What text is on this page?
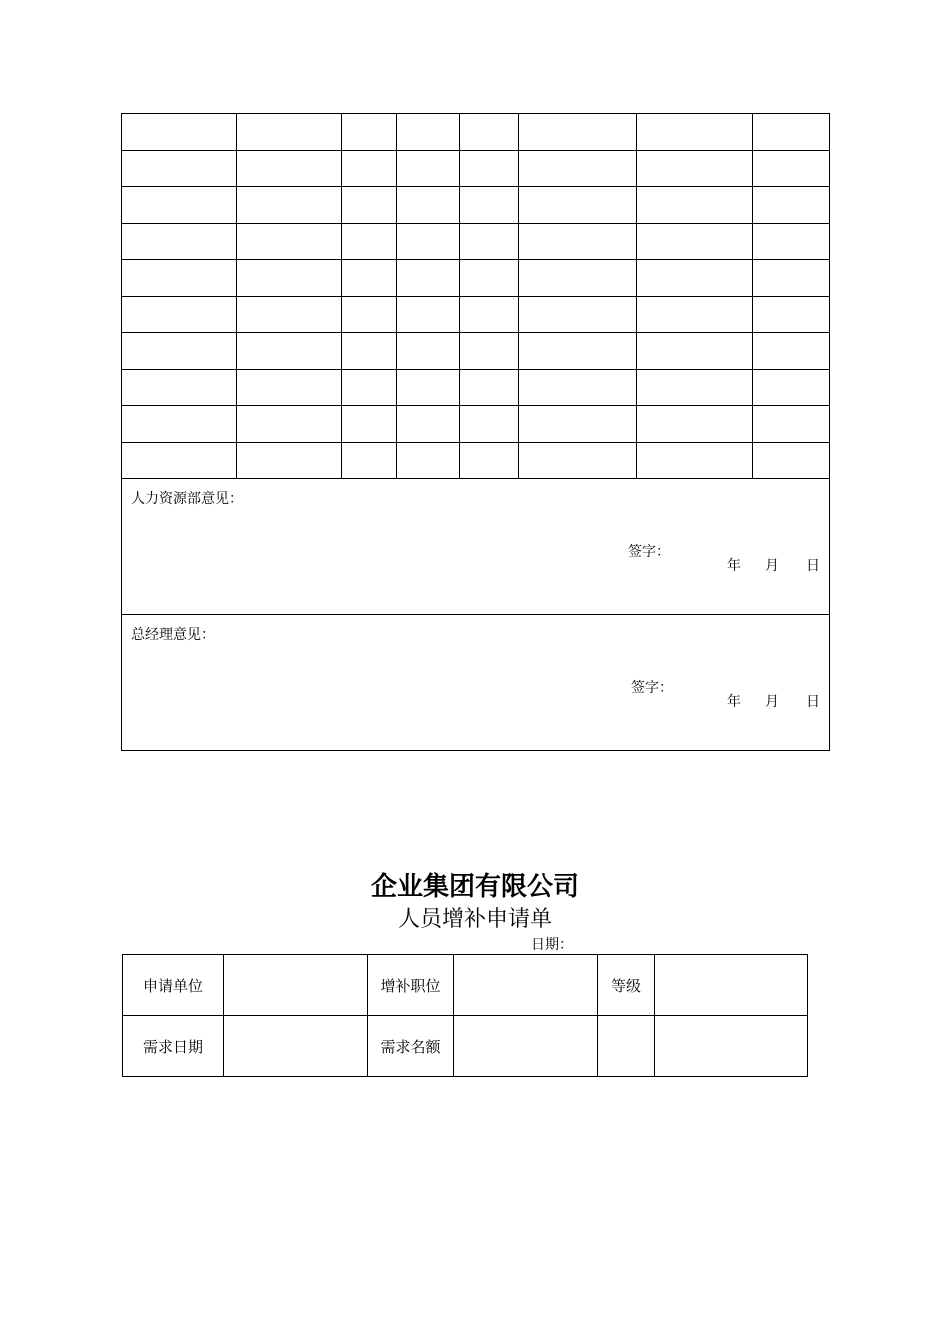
人力资源部意见：
签字：
年 月 日							

总经理意见：
签字：
年 月 日							
企业集团有限公司
人员增补申请单
日期：
申请单位		增补职位		等级	
需求日期		需求名额			
